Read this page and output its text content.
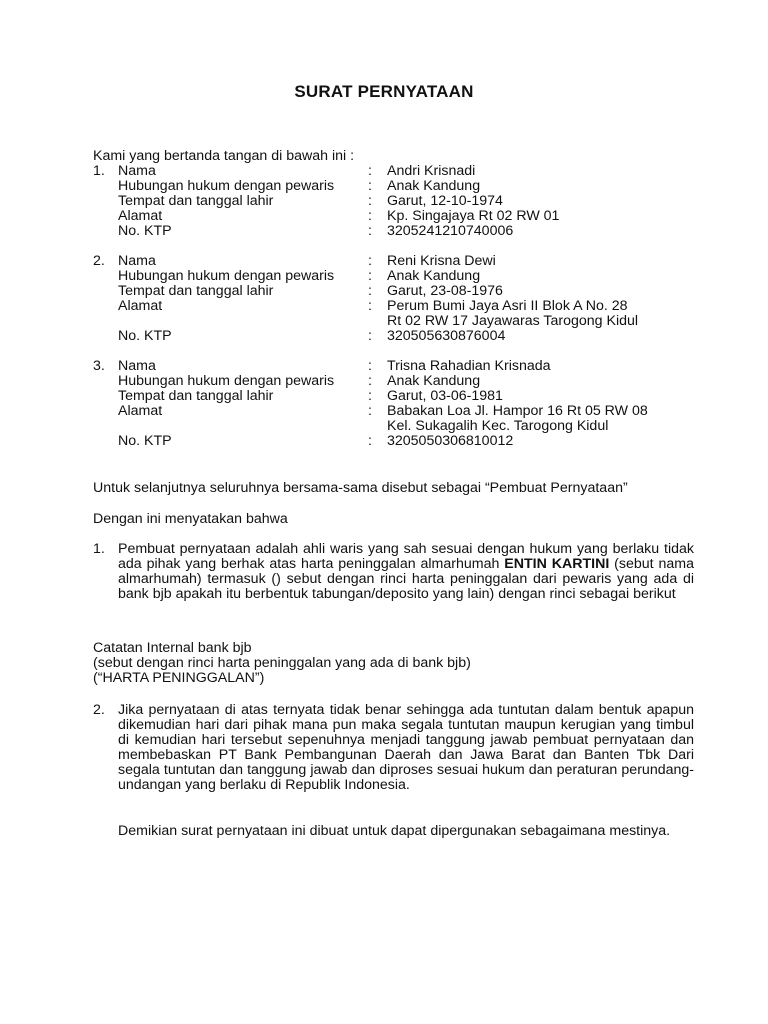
SURAT PERNYATAAN
Kami yang bertanda tangan di bawah ini :
1. Nama	: Andri Krisnadi
Hubungan hukum dengan pewaris : Anak Kandung
Tempat dan tanggal lahir	: Garut, 12-10-1974
Alamat	: Kp. Singajaya Rt 02 RW 01
No. KTP	: 3205241210740006
2. Nama	: Reni Krisna Dewi
Hubungan hukum dengan pewaris : Anak Kandung
Tempat dan tanggal lahir	: Garut, 23-08-1976
Alamat	: Perum Bumi Jaya Asri II Blok A No. 28
Rt 02 RW 17 Jayawaras Tarogong Kidul
No. KTP	: 320505630876004
3. Nama	: Trisna Rahadian Krisnada
Hubungan hukum dengan pewaris : Anak Kandung
Tempat dan tanggal lahir	: Garut, 03-06-1981
Alamat	: Babakan Loa Jl. Hampor 16 Rt 05 RW 08
Kel. Sukagalih Kec. Tarogong Kidul
No. KTP	: 3205050306810012
Untuk selanjutnya seluruhnya bersama-sama disebut sebagai “Pembuat Pernyataan”
Dengan ini menyatakan bahwa
1. Pembuat pernyataan adalah ahli waris yang sah sesuai dengan hukum yang berlaku tidak ada pihak yang berhak atas harta peninggalan almarhumah ENTIN KARTINI (sebut nama almarhumah) termasuk () sebut dengan rinci harta peninggalan dari pewaris yang ada di bank bjb apakah itu berbentuk tabungan/deposito yang lain) dengan rinci sebagai berikut
Catatan Internal bank bjb
(sebut dengan rinci harta peninggalan yang ada di bank bjb)
(“HARTA PENINGGALAN”)
2. Jika pernyataan di atas ternyata tidak benar sehingga ada tuntutan dalam bentuk apapun dikemudian hari dari pihak mana pun maka segala tuntutan maupun kerugian yang timbul di kemudian hari tersebut sepenuhnya menjadi tanggung jawab pembuat pernyataan dan membebaskan PT Bank Pembangunan Daerah dan Jawa Barat dan Banten Tbk Dari segala tuntutan dan tanggung jawab dan diproses sesuai hukum dan peraturan perundang-undangan yang berlaku di Republik Indonesia.
Demikian surat pernyataan ini dibuat untuk dapat dipergunakan sebagaimana mestinya.
